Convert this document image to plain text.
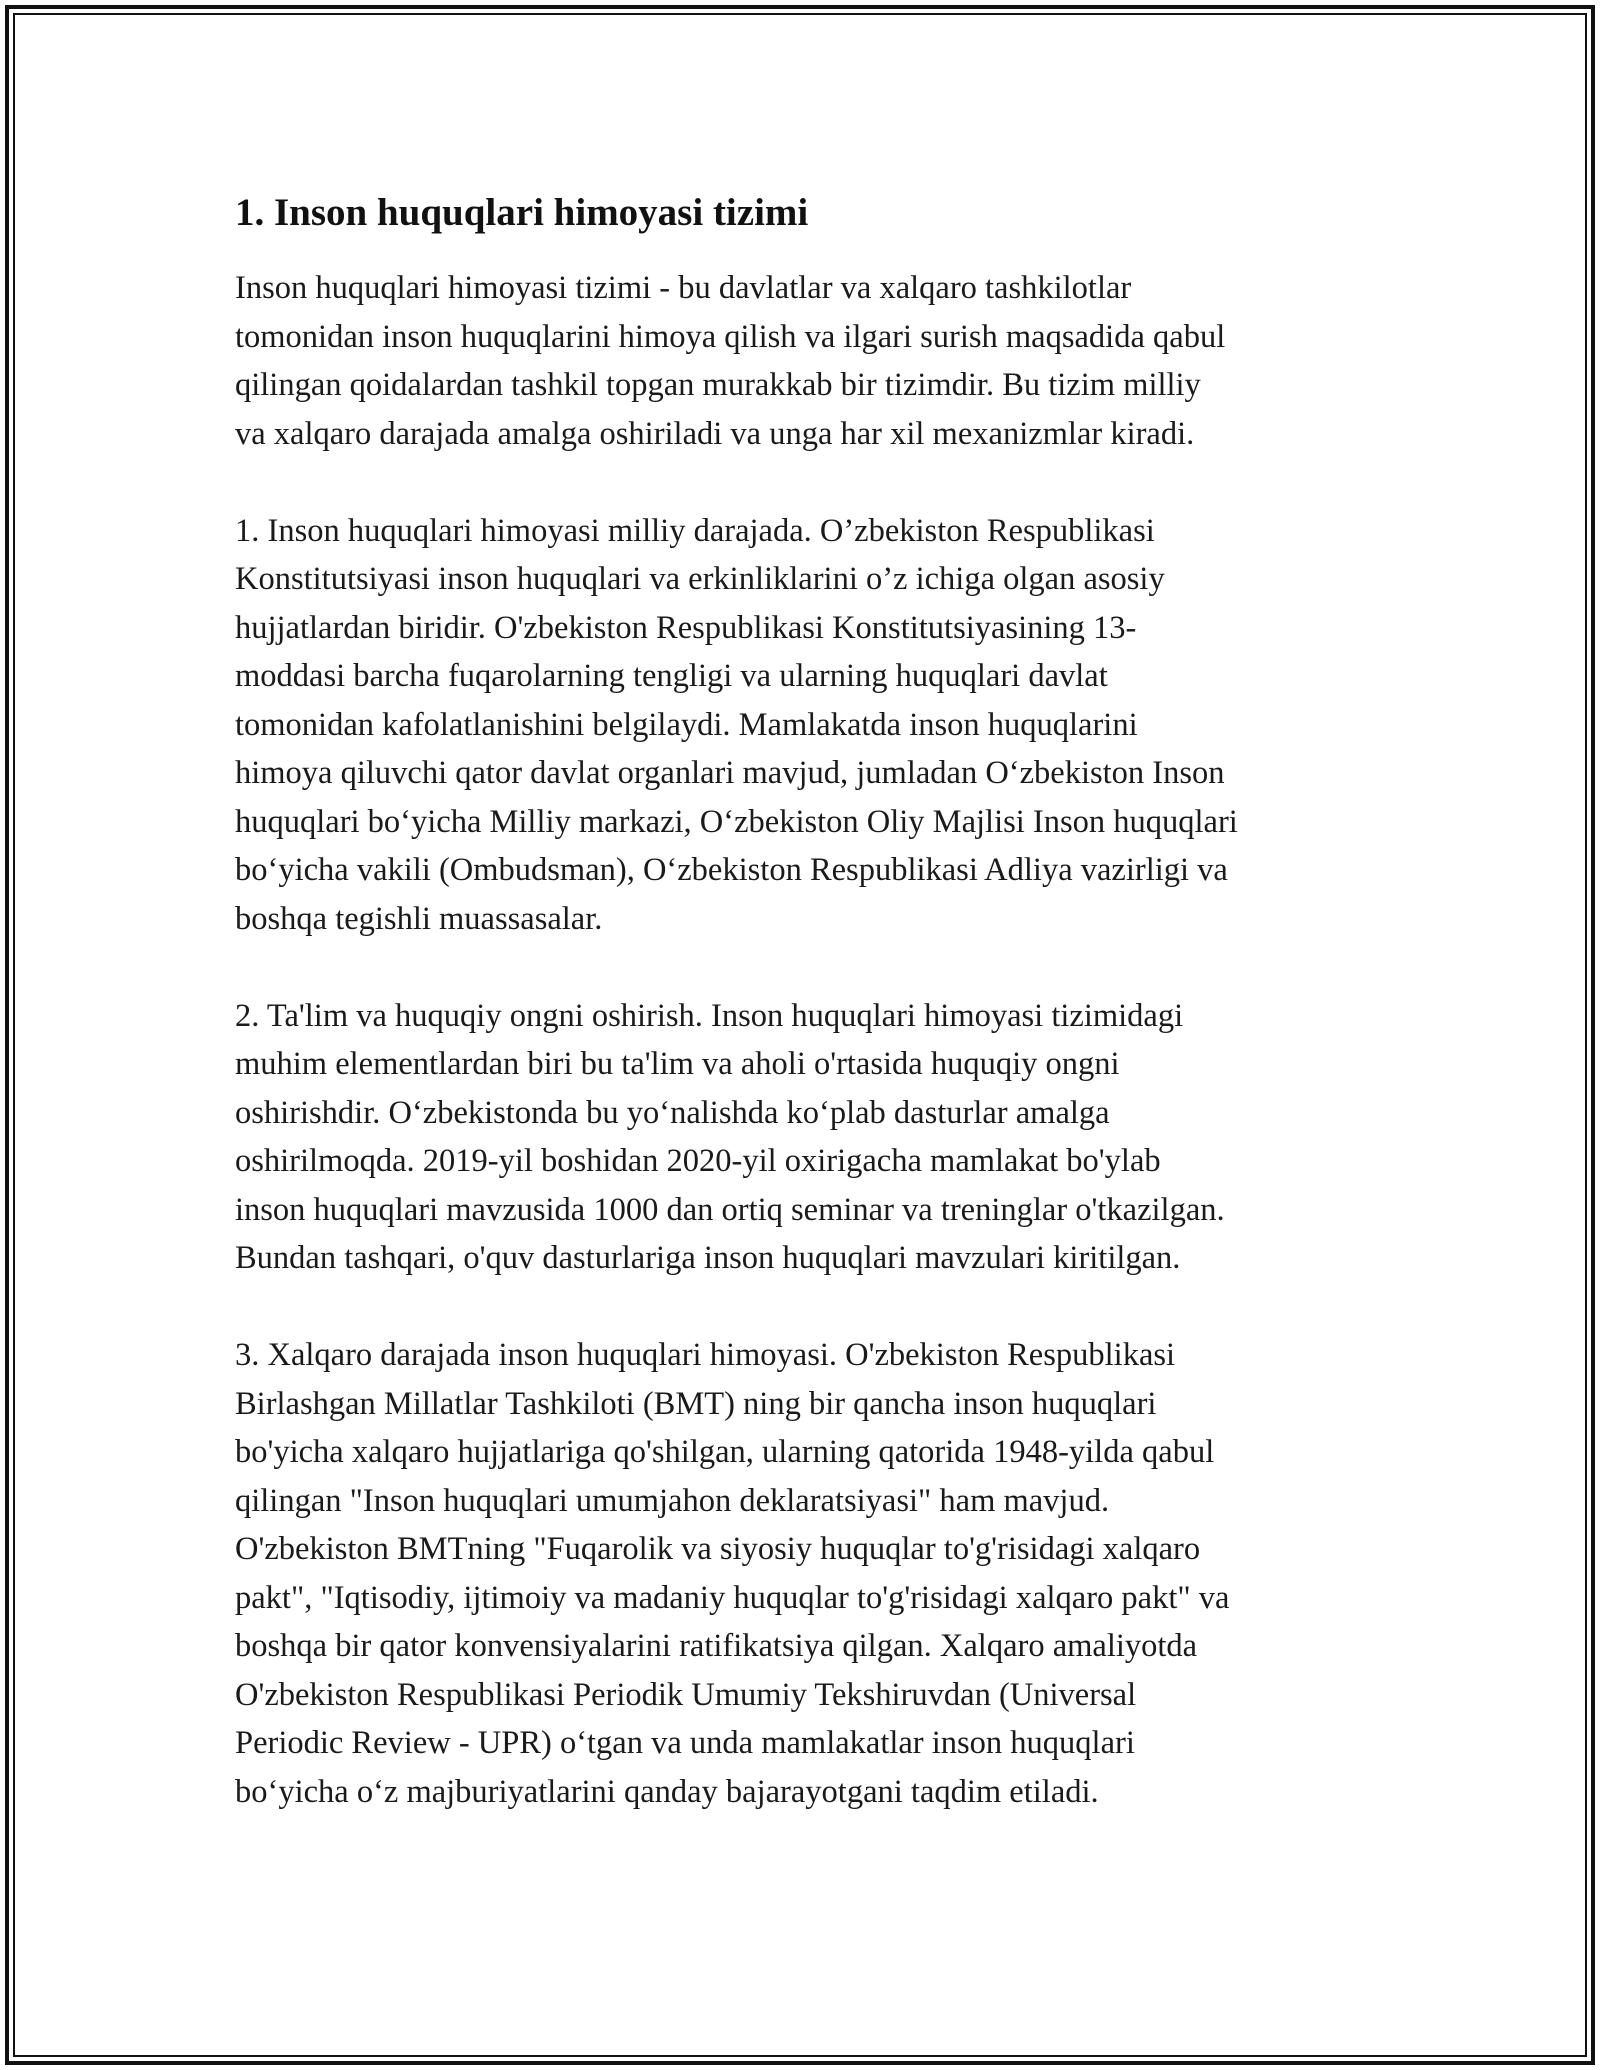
1. Inson huquqlari himoyasi tizimi
Inson huquqlari himoyasi tizimi - bu davlatlar va xalqaro tashkilotlar
tomonidan inson huquqlarini himoya qilish va ilgari surish maqsadida qabul
qilingan qoidalardan tashkil topgan murakkab bir tizimdir. Bu tizim milliy
va xalqaro darajada amalga oshiriladi va unga har xil mexanizmlar kiradi.
1. Inson huquqlari himoyasi milliy darajada. O’zbekiston Respublikasi
Konstitutsiyasi inson huquqlari va erkinliklarini o’z ichiga olgan asosiy
hujjatlardan biridir. O'zbekiston Respublikasi Konstitutsiyasining 13-
moddasi barcha fuqarolarning tengligi va ularning huquqlari davlat
tomonidan kafolatlanishini belgilaydi. Mamlakatda inson huquqlarini
himoya qiluvchi qator davlat organlari mavjud, jumladan O‘zbekiston Inson
huquqlari bo‘yicha Milliy markazi, O‘zbekiston Oliy Majlisi Inson huquqlari
bo‘yicha vakili (Ombudsman), O‘zbekiston Respublikasi Adliya vazirligi va
boshqa tegishli muassasalar.
2. Ta'lim va huquqiy ongni oshirish. Inson huquqlari himoyasi tizimidagi
muhim elementlardan biri bu ta'lim va aholi o'rtasida huquqiy ongni
oshirishdir. O‘zbekistonda bu yo‘nalishda ko‘plab dasturlar amalga
oshirilmoqda. 2019-yil boshidan 2020-yil oxirigacha mamlakat bo'ylab
inson huquqlari mavzusida 1000 dan ortiq seminar va treninglar o'tkazilgan.
Bundan tashqari, o'quv dasturlariga inson huquqlari mavzulari kiritilgan.
3. Xalqaro darajada inson huquqlari himoyasi. O'zbekiston Respublikasi
Birlashgan Millatlar Tashkiloti (BMT) ning bir qancha inson huquqlari
bo'yicha xalqaro hujjatlariga qo'shilgan, ularning qatorida 1948-yilda qabul
qilingan "Inson huquqlari umumjahon deklaratsiyasi" ham mavjud.
O'zbekiston BMTning "Fuqarolik va siyosiy huquqlar to'g'risidagi xalqaro
pakt", "Iqtisodiy, ijtimoiy va madaniy huquqlar to'g'risidagi xalqaro pakt" va
boshqa bir qator konvensiyalarini ratifikatsiya qilgan. Xalqaro amaliyotda
O'zbekiston Respublikasi Periodik Umumiy Tekshiruvdan (Universal
Periodic Review - UPR) o‘tgan va unda mamlakatlar inson huquqlari
bo‘yicha o‘z majburiyatlarini qanday bajarayotgani taqdim etiladi.
